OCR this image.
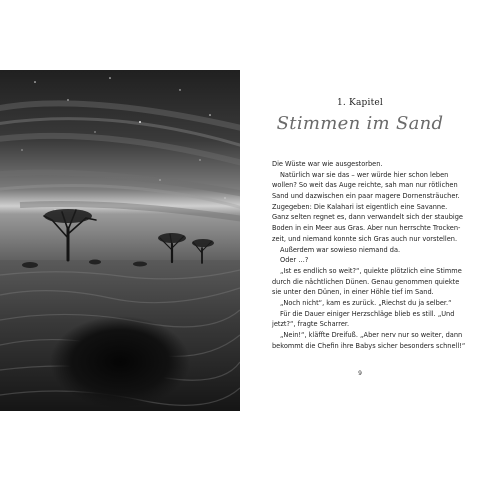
1. Kapitel
Stimmen im Sand
Die Wüste war wie ausgestorben.
Natürlich war sie das – wer würde hier schon leben
wollen? So weit das Auge reichte, sah man nur rötlichen
Sand und dazwischen ein paar magere Dornensträucher.
Zugegeben: Die Kalahari ist eigentlich eine Savanne.
Ganz selten regnet es, dann verwandelt sich der staubige
Boden in ein Meer aus Gras. Aber nun herrschte Trocken-
zeit, und niemand konnte sich Gras auch nur vorstellen.
Außerdem war sowieso niemand da.
Oder …?
„Ist es endlich so weit?“, quiekte plötzlich eine Stimme
durch die nächtlichen Dünen. Genau genommen quiekte
sie unter den Dünen, in einer Höhle tief im Sand.
„Noch nicht“, kam es zurück. „Riechst du ja selber.“
Für die Dauer einiger Herzschläge blieb es still. „Und
jetzt?“, fragte Scharrer.
„Nein!“, kläffte Dreifuß. „Aber nerv nur so weiter, dann
bekommt die Chefin ihre Babys sicher besonders schnell!“
9
